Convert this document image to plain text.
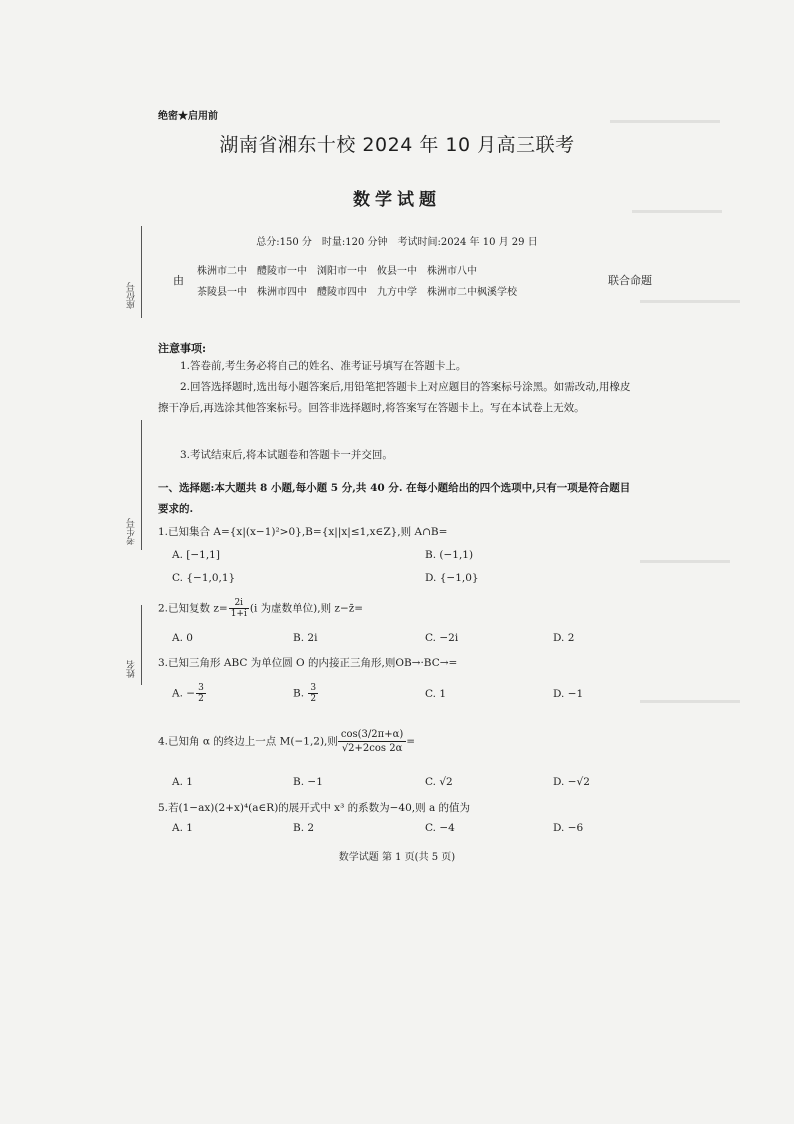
绝密★启用前
湖南省湘东十校 2024 年 10 月高三联考
数学试题
总分:150 分　时量:120 分钟　考试时间:2024 年 10 月 29 日
由
株洲市二中　醴陵市一中　浏阳市一中　攸县一中　株洲市八中
茶陵县一中　株洲市四中　醴陵市四中　九方中学　株洲市二中枫溪学校
联合命题
座位号
考生号
姓名
注意事项:
1.答卷前,考生务必将自己的姓名、准考证号填写在答题卡上。
2.回答选择题时,选出每小题答案后,用铅笔把答题卡上对应题目的答案标号涂黑。如需改动,用橡皮擦干净后,再选涂其他答案标号。回答非选择题时,将答案写在答题卡上。写在本试卷上无效。
3.考试结束后,将本试题卷和答题卡一并交回。
一、选择题:本大题共 8 小题,每小题 5 分,共 40 分. 在每小题给出的四个选项中,只有一项是符合题目要求的.
1.已知集合 A={x|(x−1)²>0},B={x||x|≤1,x∈Z},则 A∩B=
A. [−1,1]	B. (−1,1)
C. {−1,0,1}	D. {−1,0}
2.已知复数 $z= \frac{2i}{1+i} (i$ 为虚数单位),则 z−z̄=
A. 0	B. 2i	C. −2i	D. 2
3.已知三角形 ABC 为单位圆 O 的内接正三角形,则OB→·BC→=
A. − $\frac{3}{2}$	B. $\frac{3}{2}$	C. 1	D. −1
4.已知角 α 的终边上一点 M(−1,2),则 $\frac{\cos(3/2\pi+\alpha)}{√2+2\cos 2\alpha}$ =
A. 1	B. −1	C. √2	D. −√2
5.若(1−ax)(2+x)⁴(a∈R)的展开式中 x³ 的系数为−40,则 a 的值为
A. 1	B. 2	C. −4	D. −6
数学试题 第 1 页(共 5 页)
